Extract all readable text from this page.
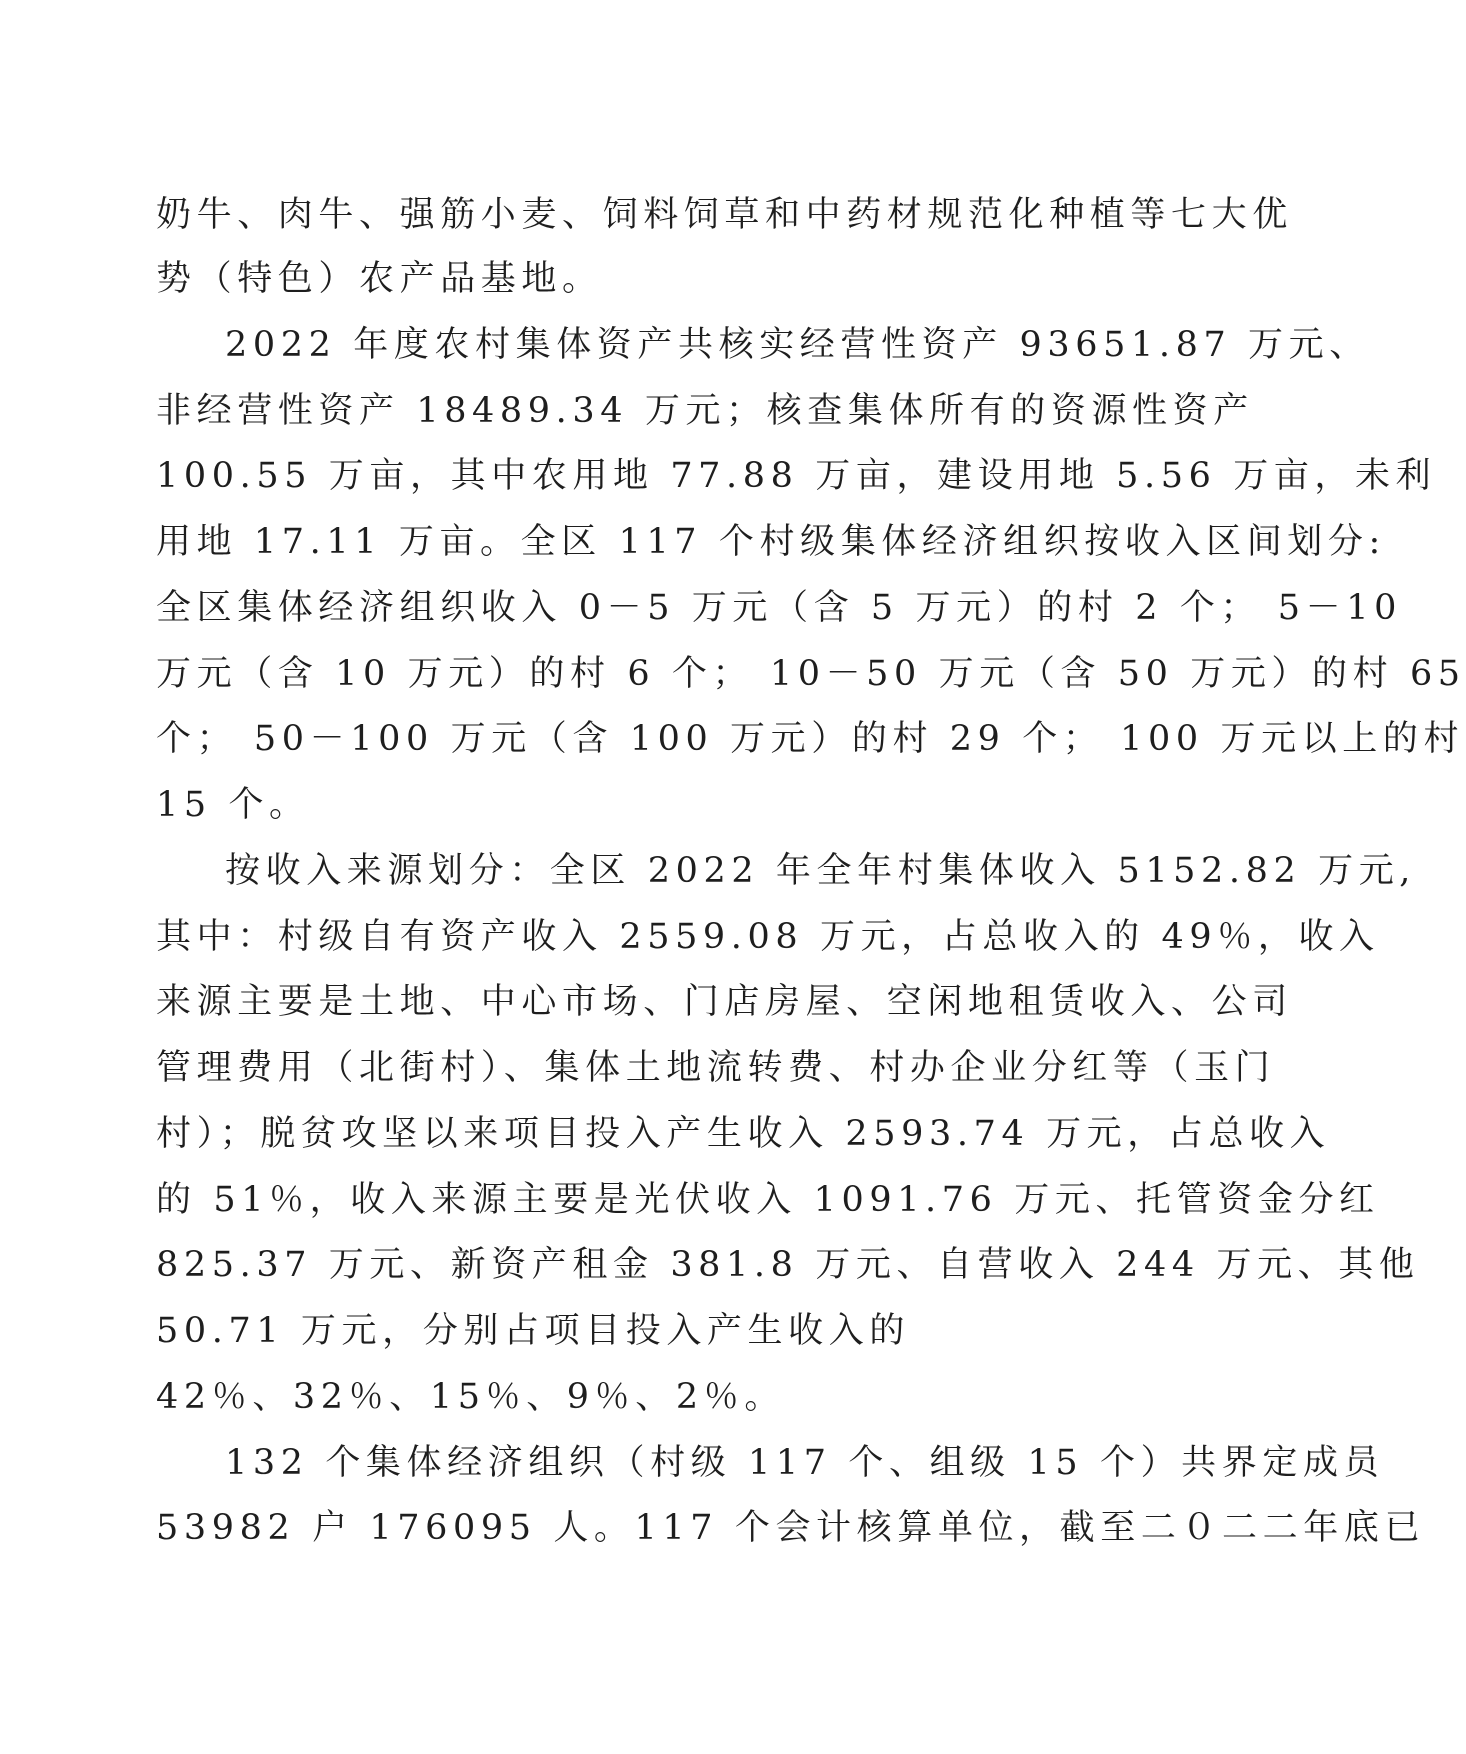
奶牛、肉牛、强筋小麦、饲料饲草和中药材规范化种植等七大优
势（特色）农产品基地。
2022 年度农村集体资产共核实经营性资产 93651.87 万元、
非经营性资产 18489.34 万元；核查集体所有的资源性资产
100.55 万亩，其中农用地 77.88 万亩，建设用地 5.56 万亩，未利
用地 17.11 万亩。全区 117 个村级集体经济组织按收入区间划分:
全区集体经济组织收入 0－5 万元（含 5 万元）的村 2 个； 5－10
万元（含 10 万元）的村 6 个； 10－50 万元（含 50 万元）的村 65
个； 50－100 万元（含 100 万元）的村 29 个； 100 万元以上的村
15 个。
按收入来源划分：全区 2022 年全年村集体收入 5152.82 万元,
其中：村级自有资产收入 2559.08 万元，占总收入的 49％，收入
来源主要是土地、中心市场、门店房屋、空闲地租赁收入、公司
管理费用（北街村）、集体土地流转费、村办企业分红等（玉门
村）；脱贫攻坚以来项目投入产生收入 2593.74 万元，占总收入
的 51％，收入来源主要是光伏收入 1091.76 万元、托管资金分红
825.37 万元、新资产租金 381.8 万元、自营收入 244 万元、其他
50.71 万元，分别占项目投入产生收入的
42％、32％、15％、9％、2％。
132 个集体经济组织（村级 117 个、组级 15 个）共界定成员
53982 户 176095 人。117 个会计核算单位，截至二０二二年底已
